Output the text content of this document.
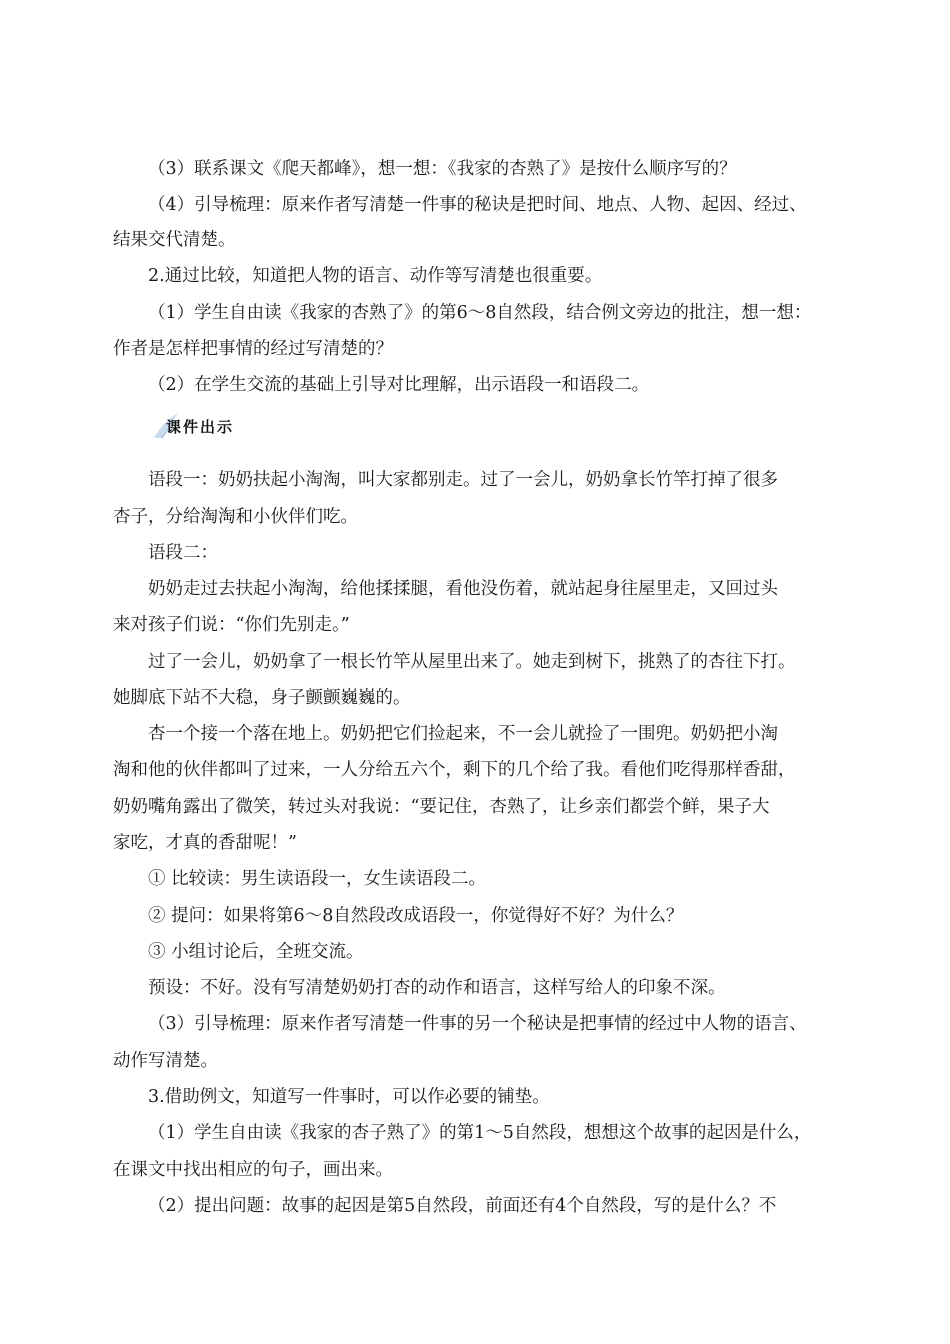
（3）联系课文《爬天都峰》，想一想：《我家的杏熟了》是按什么顺序写的？
（4）引导梳理：原来作者写清楚一件事的秘诀是把时间、地点、人物、起因、经过、
结果交代清楚。
2.通过比较，知道把人物的语言、动作等写清楚也很重要。
（1）学生自由读《我家的杏熟了》的第6～8自然段，结合例文旁边的批注，想一想：
作者是怎样把事情的经过写清楚的？
（2）在学生交流的基础上引导对比理解，出示语段一和语段二。
课件出示
语段一：奶奶扶起小淘淘，叫大家都别走。过了一会儿，奶奶拿长竹竿打掉了很多
杏子，分给淘淘和小伙伴们吃。
语段二：
奶奶走过去扶起小淘淘，给他揉揉腿，看他没伤着，就站起身往屋里走，又回过头
来对孩子们说：“你们先别走。”
过了一会儿，奶奶拿了一根长竹竿从屋里出来了。她走到树下，挑熟了的杏往下打。
她脚底下站不大稳，身子颤颤巍巍的。
杏一个接一个落在地上。奶奶把它们捡起来，不一会儿就捡了一围兜。奶奶把小淘
淘和他的伙伴都叫了过来，一人分给五六个，剩下的几个给了我。看他们吃得那样香甜，
奶奶嘴角露出了微笑，转过头对我说：“要记住，杏熟了，让乡亲们都尝个鲜，果子大
家吃，才真的香甜呢！”
① 比较读：男生读语段一，女生读语段二。
② 提问：如果将第6～8自然段改成语段一，你觉得好不好？为什么？
③ 小组讨论后，全班交流。
预设：不好。没有写清楚奶奶打杏的动作和语言，这样写给人的印象不深。
（3）引导梳理：原来作者写清楚一件事的另一个秘诀是把事情的经过中人物的语言、
动作写清楚。
3.借助例文，知道写一件事时，可以作必要的铺垫。
（1）学生自由读《我家的杏子熟了》的第1～5自然段，想想这个故事的起因是什么，
在课文中找出相应的句子，画出来。
（2）提出问题：故事的起因是第5自然段，前面还有4个自然段，写的是什么？不
